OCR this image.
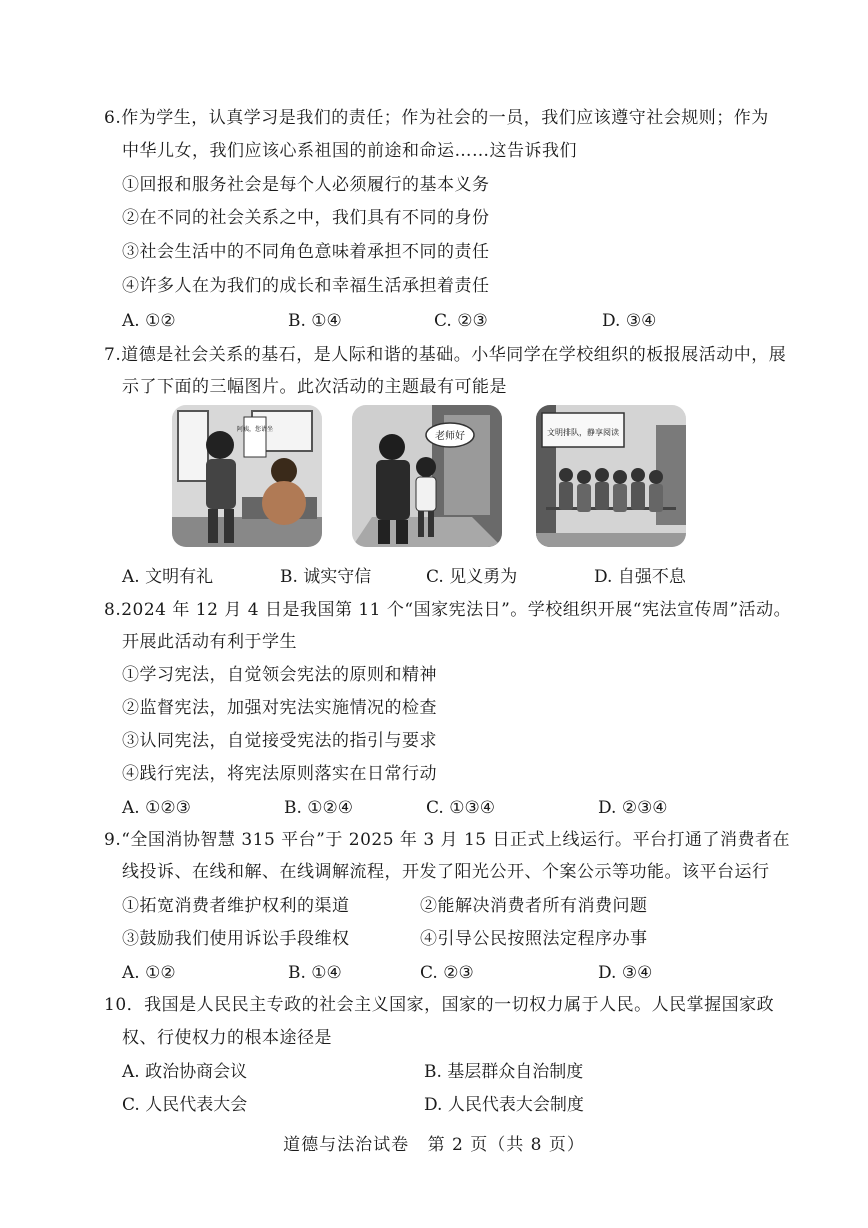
6.作为学生，认真学习是我们的责任；作为社会的一员，我们应该遵守社会规则；作为
中华儿女，我们应该心系祖国的前途和命运……这告诉我们
①回报和服务社会是每个人必须履行的基本义务
②在不同的社会关系之中，我们具有不同的身份
③社会生活中的不同角色意味着承担不同的责任
④许多人在为我们的成长和幸福生活承担着责任
A. ①②	B. ①④	C. ②③	D. ③④
7.道德是社会关系的基石，是人际和谐的基础。小华同学在学校组织的板报展活动中，展
示了下面的三幅图片。此次活动的主题最有可能是
阿姨，您请坐
老师好	文明排队，静享阅读
A. 文明有礼	B. 诚实守信	C. 见义勇为	D. 自强不息
8.2024 年 12 月 4 日是我国第 11 个“国家宪法日”。学校组织开展“宪法宣传周”活动。
开展此活动有利于学生
①学习宪法，自觉领会宪法的原则和精神
②监督宪法，加强对宪法实施情况的检查
③认同宪法，自觉接受宪法的指引与要求
④践行宪法，将宪法原则落实在日常行动
A. ①②③	B. ①②④	C. ①③④	D. ②③④
9.“全国消协智慧 315 平台”于 2025 年 3 月 15 日正式上线运行。平台打通了消费者在
线投诉、在线和解、在线调解流程，开发了阳光公开、个案公示等功能。该平台运行
①拓宽消费者维护权利的渠道	②能解决消费者所有消费问题
③鼓励我们使用诉讼手段维权	④引导公民按照法定程序办事
A. ①②	B. ①④	C. ②③	D. ③④
10．我国是人民民主专政的社会主义国家，国家的一切权力属于人民。人民掌握国家政
权、行使权力的根本途径是
A. 政治协商会议	B. 基层群众自治制度
C. 人民代表大会	D. 人民代表大会制度
道德与法治试卷 第 2 页（共 8 页）
